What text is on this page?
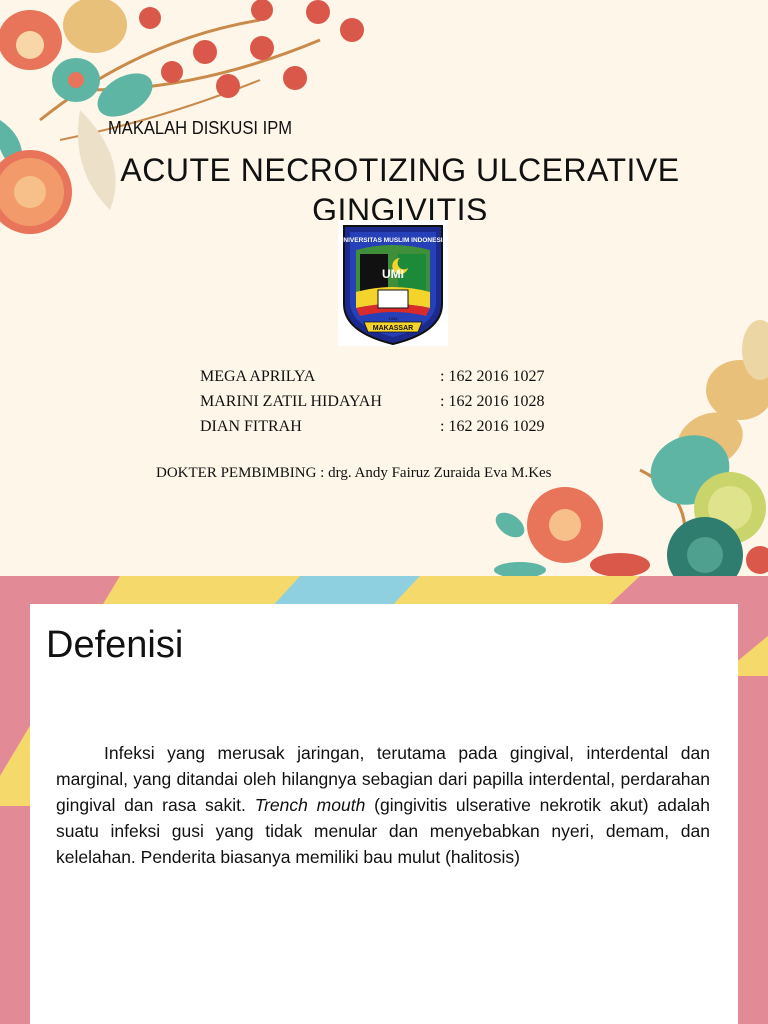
MAKALAH DISKUSI IPM
ACUTE NECROTIZING ULCERATIVE

GINGIVITIS
UNIVERSITAS MUSLIM INDONESIA
UMI
1954
MAKASSAR
MEGA APRILYA	: 162 2016 1027
MARINI ZATIL HIDAYAH	: 162 2016 1028
DIAN FITRAH	: 162 2016 1029
DOKTER PEMBIMBING : drg. Andy Fairuz Zuraida Eva M.Kes
Defenisi

Infeksi yang merusak jaringan, terutama pada gingival, interdental dan marginal, yang ditandai oleh hilangnya sebagian dari papilla interdental, perdarahan gingival dan rasa sakit. Trench mouth (gingivitis ulserative nekrotik akut) adalah suatu infeksi gusi yang tidak menular dan menyebabkan nyeri, demam, dan kelelahan. Penderita biasanya memiliki bau mulut (halitosis)
